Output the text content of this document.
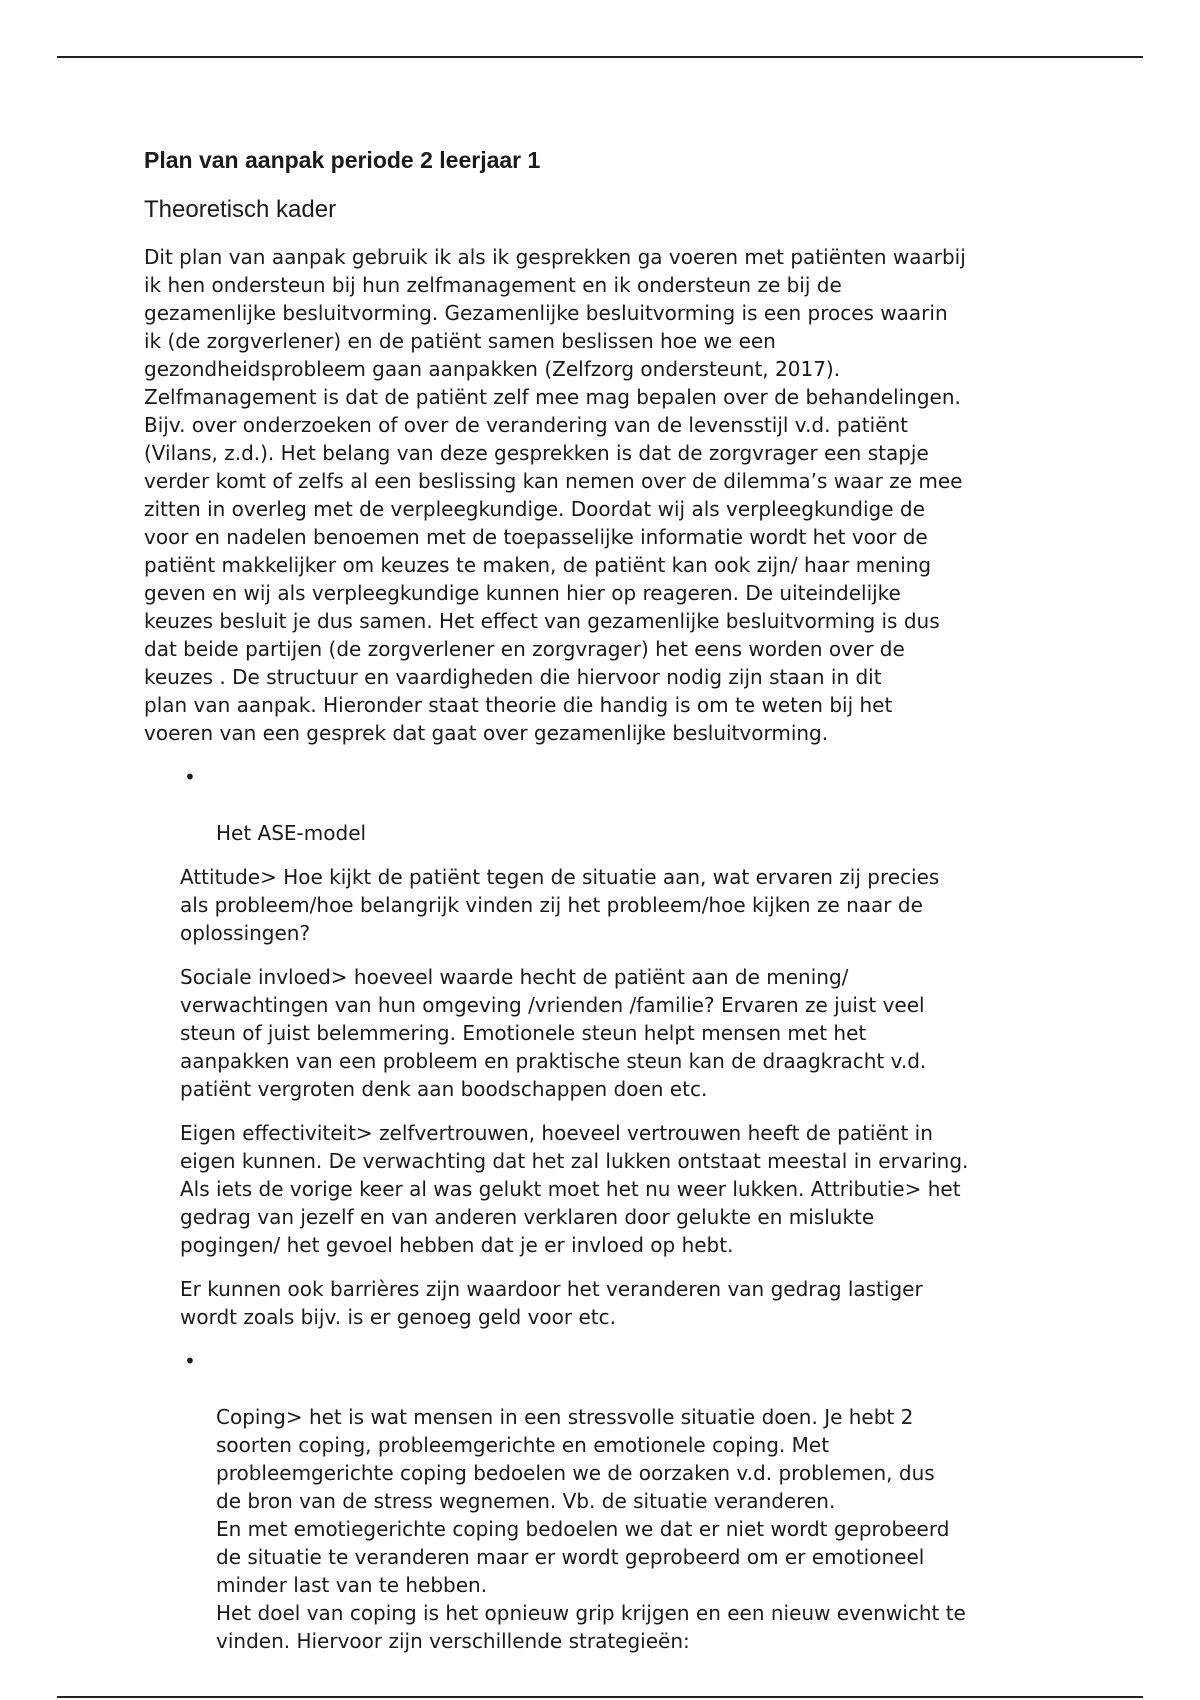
Plan van aanpak periode 2 leerjaar 1
Theoretisch kader

Dit plan van aanpak gebruik ik als ik gesprekken ga voeren met patiënten waarbij
ik hen ondersteun bij hun zelfmanagement en ik ondersteun ze bij de
gezamenlijke besluitvorming. Gezamenlijke besluitvorming is een proces waarin
ik (de zorgverlener) en de patiënt samen beslissen hoe we een
gezondheidsprobleem gaan aanpakken (Zelfzorg ondersteunt, 2017).
Zelfmanagement is dat de patiënt zelf mee mag bepalen over de behandelingen.
Bijv. over onderzoeken of over de verandering van de levensstijl v.d. patiënt
(Vilans, z.d.). Het belang van deze gesprekken is dat de zorgvrager een stapje
verder komt of zelfs al een beslissing kan nemen over de dilemma’s waar ze mee
zitten in overleg met de verpleegkundige. Doordat wij als verpleegkundige de
voor en nadelen benoemen met de toepasselijke informatie wordt het voor de
patiënt makkelijker om keuzes te maken, de patiënt kan ook zijn/ haar mening
geven en wij als verpleegkundige kunnen hier op reageren. De uiteindelijke
keuzes besluit je dus samen. Het effect van gezamenlijke besluitvorming is dus
dat beide partijen (de zorgverlener en zorgvrager) het eens worden over de
keuzes . De structuur en vaardigheden die hiervoor nodig zijn staan in dit
plan van aanpak. Hieronder staat theorie die handig is om te weten bij het
voeren van een gesprek dat gaat over gezamenlijke besluitvorming.

•

Het ASE-model

Attitude> Hoe kijkt de patiënt tegen de situatie aan, wat ervaren zij precies
als probleem/hoe belangrijk vinden zij het probleem/hoe kijken ze naar de
oplossingen?

Sociale invloed> hoeveel waarde hecht de patiënt aan de mening/
verwachtingen van hun omgeving /vrienden /familie? Ervaren ze juist veel
steun of juist belemmering. Emotionele steun helpt mensen met het
aanpakken van een probleem en praktische steun kan de draagkracht v.d.
patiënt vergroten denk aan boodschappen doen etc.

Eigen effectiviteit> zelfvertrouwen, hoeveel vertrouwen heeft de patiënt in
eigen kunnen. De verwachting dat het zal lukken ontstaat meestal in ervaring.
Als iets de vorige keer al was gelukt moet het nu weer lukken. Attributie> het
gedrag van jezelf en van anderen verklaren door gelukte en mislukte
pogingen/ het gevoel hebben dat je er invloed op hebt.

Er kunnen ook barrières zijn waardoor het veranderen van gedrag lastiger
wordt zoals bijv. is er genoeg geld voor etc.

•

Coping> het is wat mensen in een stressvolle situatie doen. Je hebt 2
soorten coping, probleemgerichte en emotionele coping. Met
probleemgerichte coping bedoelen we de oorzaken v.d. problemen, dus
de bron van de stress wegnemen. Vb. de situatie veranderen.
En met emotiegerichte coping bedoelen we dat er niet wordt geprobeerd
de situatie te veranderen maar er wordt geprobeerd om er emotioneel
minder last van te hebben.
Het doel van coping is het opnieuw grip krijgen en een nieuw evenwicht te
vinden. Hiervoor zijn verschillende strategieën:
